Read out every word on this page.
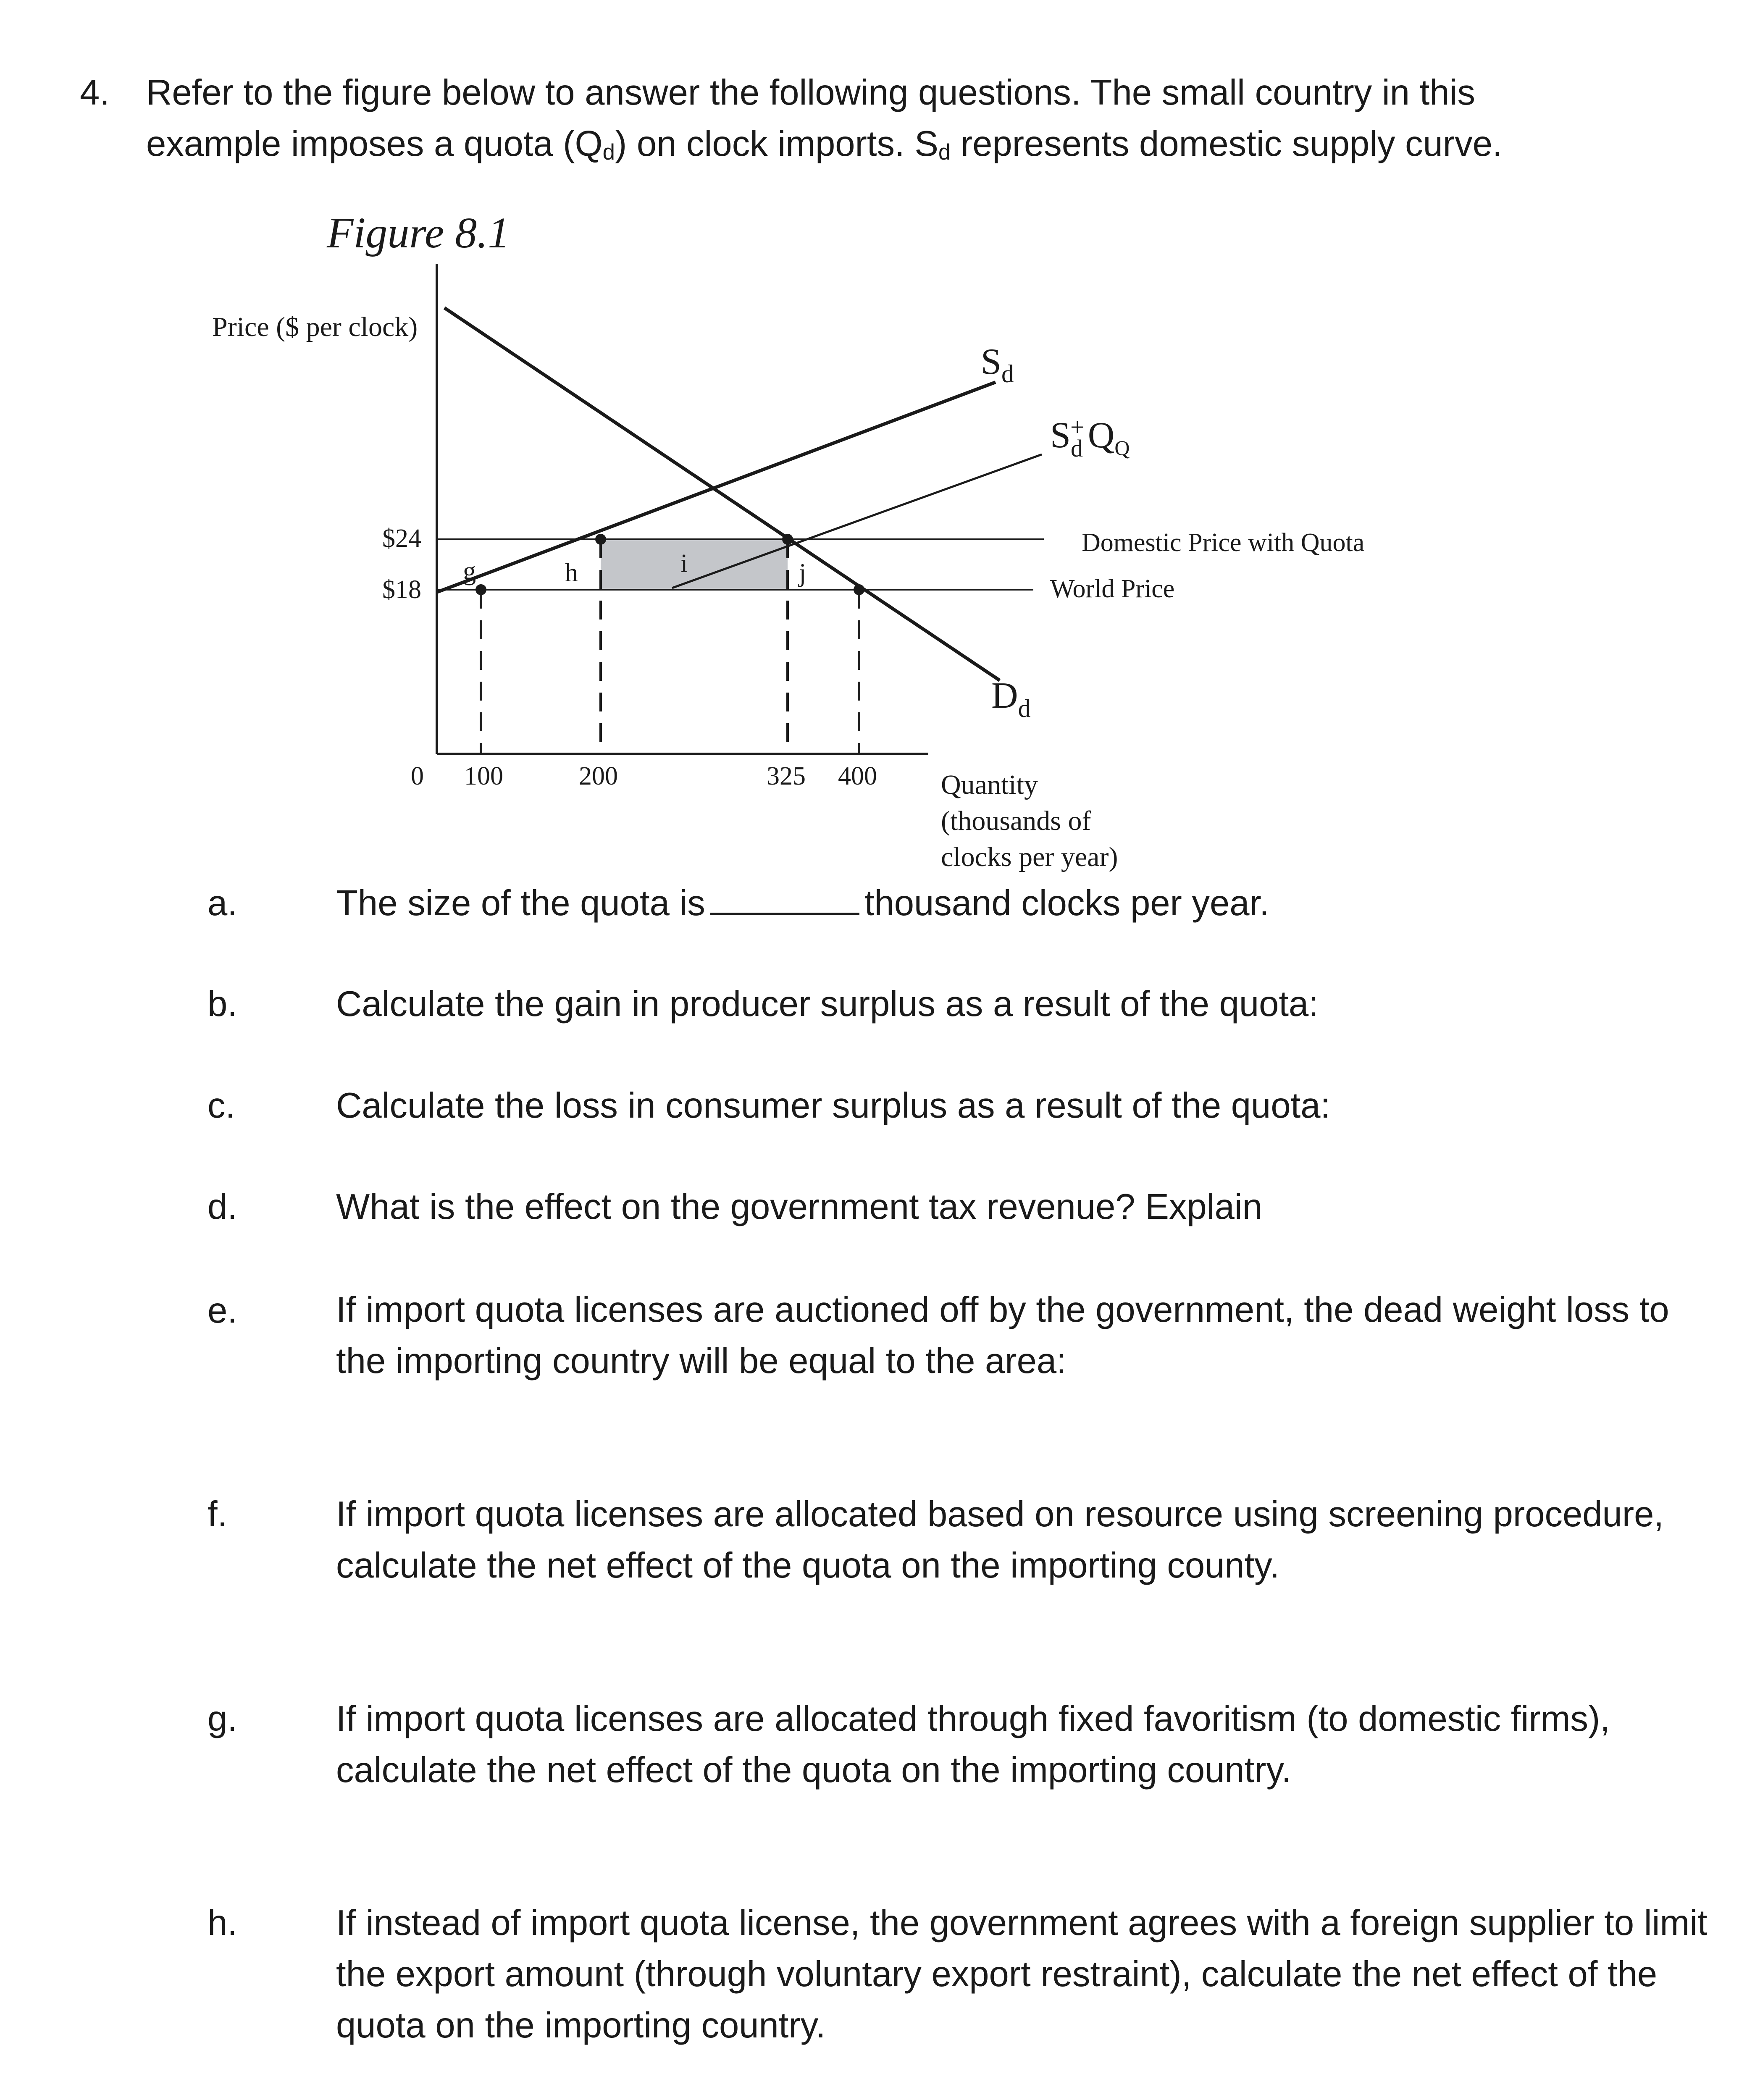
4. Refer to the figure below to answer the following questions. The small country in this
example imposes a quota (Qd) on clock imports. Sd represents domestic supply curve.
Figure 8.1
Price ($ per clock)
$24
$18
0 100	200	325 400
g	h	i	j
$S_d$
$S_d+Q_Q$
$D_d$
Domestic Price with Quota
World Price
Quantity
(thousands of
clocks per year)
a.	The size of the quota is	thousand clocks per year.
b.	Calculate the gain in producer surplus as a result of the quota:
c.	Calculate the loss in consumer surplus as a result of the quota:
d.	What is the effect on the government tax revenue? Explain
e.	If import quota licenses are auctioned off by the government, the dead weight loss to the importing country will be equal to the area:
f.	If import quota licenses are allocated based on resource using screening procedure, calculate the net effect of the quota on the importing county.
g.	If import quota licenses are allocated through fixed favoritism (to domestic firms), calculate the net effect of the quota on the importing country.
h.	If instead of import quota license, the government agrees with a foreign supplier to limit the export amount (through voluntary export restraint), calculate the net effect of the quota on the importing country.
